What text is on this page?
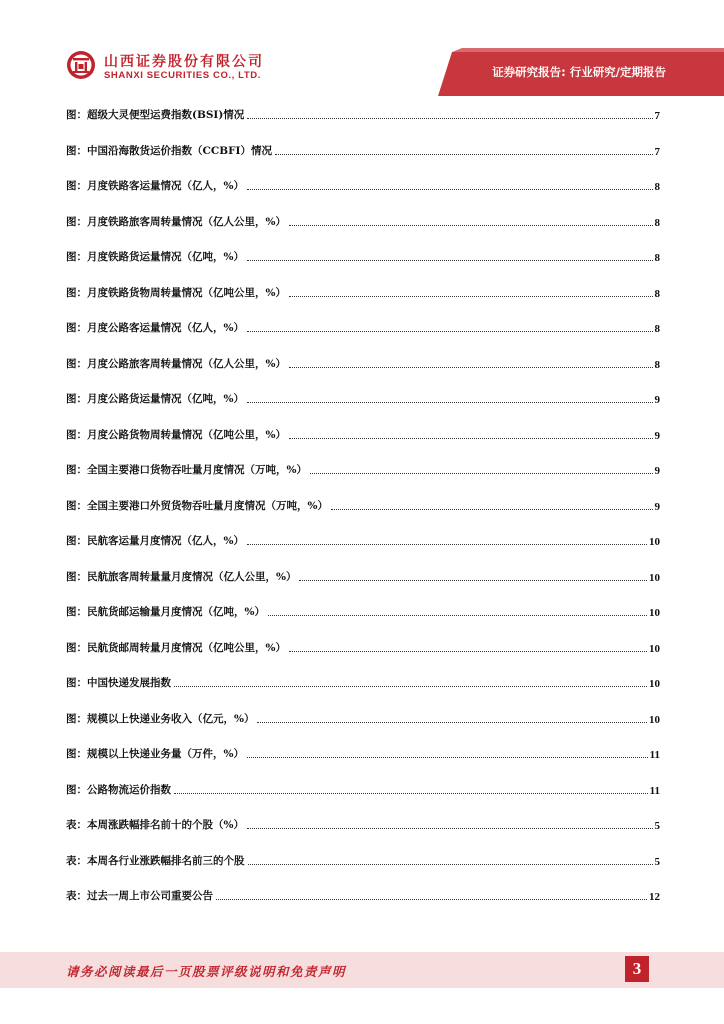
山西证券股份有限公司
SHANXI SECURITIES CO., LTD.	证券研究报告: 行业研究/定期报告
图：超级大灵便型运费指数(BSI)情况	7
图：中国沿海散货运价指数（CCBFI）情况	7
图：月度铁路客运量情况（亿人，%）	8
图：月度铁路旅客周转量情况（亿人公里，%）	8
图：月度铁路货运量情况（亿吨，%）	8
图：月度铁路货物周转量情况（亿吨公里，%）	8
图：月度公路客运量情况（亿人，%）	8
图：月度公路旅客周转量情况（亿人公里，%）	8
图：月度公路货运量情况（亿吨，%）	9
图：月度公路货物周转量情况（亿吨公里，%）	9
图：全国主要港口货物吞吐量月度情况（万吨，%）	9
图：全国主要港口外贸货物吞吐量月度情况（万吨，%）	9
图：民航客运量月度情况（亿人，%）	10
图：民航旅客周转量量月度情况（亿人公里，%）	10
图：民航货邮运输量月度情况（亿吨，%）	10
图：民航货邮周转量月度情况（亿吨公里，%）	10
图：中国快递发展指数	10
图：规模以上快递业务收入（亿元，%）	10
图：规模以上快递业务量（万件，%）	11
图：公路物流运价指数	11
表：本周涨跌幅排名前十的个股（%）	5
表：本周各行业涨跌幅排名前三的个股	5
表：过去一周上市公司重要公告	12
请务必阅读最后一页股票评级说明和免责声明	3
